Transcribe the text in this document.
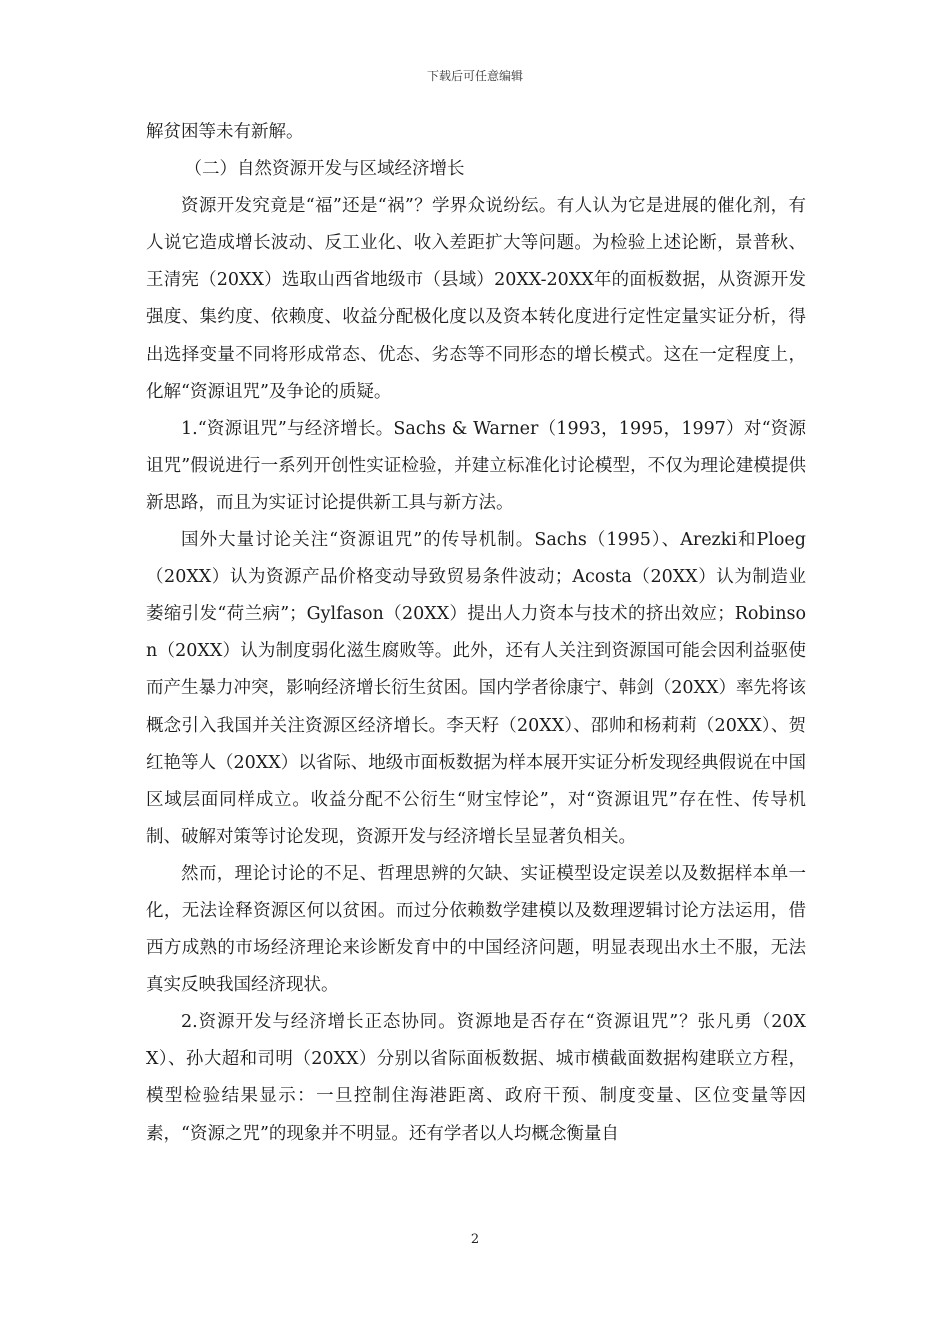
下载后可任意编辑

解贫困等未有新解。

（二）自然资源开发与区域经济增长

资源开发究竟是“福”还是“祸”？学界众说纷纭。有人认为它是进展的催化剂，有人说它造成增长波动、反工业化、收入差距扩大等问题。为检验上述论断，景普秋、王清宪（20XX）选取山西省地级市（县域）20XX-20XX年的面板数据，从资源开发强度、集约度、依赖度、收益分配极化度以及资本转化度进行定性定量实证分析，得出选择变量不同将形成常态、优态、劣态等不同形态的增长模式。这在一定程度上，化解“资源诅咒”及争论的质疑。

1.“资源诅咒”与经济增长。Sachs & Warner（1993，1995，1997）对“资源诅咒”假说进行一系列开创性实证检验，并建立标准化讨论模型，不仅为理论建模提供新思路，而且为实证讨论提供新工具与新方法。

国外大量讨论关注“资源诅咒”的传导机制。Sachs（1995）、Arezki和Ploeg（20XX）认为资源产品价格变动导致贸易条件波动；Acosta（20XX）认为制造业萎缩引发“荷兰病”；Gylfason（20XX）提出人力资本与技术的挤出效应；Robinson（20XX）认为制度弱化滋生腐败等。此外，还有人关注到资源国可能会因利益驱使而产生暴力冲突，影响经济增长衍生贫困。国内学者徐康宁、韩剑（20XX）率先将该概念引入我国并关注资源区经济增长。李天籽（20XX）、邵帅和杨莉莉（20XX）、贺红艳等人（20XX）以省际、地级市面板数据为样本展开实证分析发现经典假说在中国区域层面同样成立。收益分配不公衍生“财宝悖论”，对“资源诅咒”存在性、传导机制、破解对策等讨论发现，资源开发与经济增长呈显著负相关。

然而，理论讨论的不足、哲理思辨的欠缺、实证模型设定误差以及数据样本单一化，无法诠释资源区何以贫困。而过分依赖数学建模以及数理逻辑讨论方法运用，借西方成熟的市场经济理论来诊断发育中的中国经济问题，明显表现出水土不服，无法真实反映我国经济现状。

2.资源开发与经济增长正态协同。资源地是否存在“资源诅咒”？张凡勇（20XX）、孙大超和司明（20XX）分别以省际面板数据、城市横截面数据构建联立方程，模型检验结果显示：一旦控制住海港距离、政府干预、制度变量、区位变量等因素，“资源之咒”的现象并不明显。还有学者以人均概念衡量自

2
